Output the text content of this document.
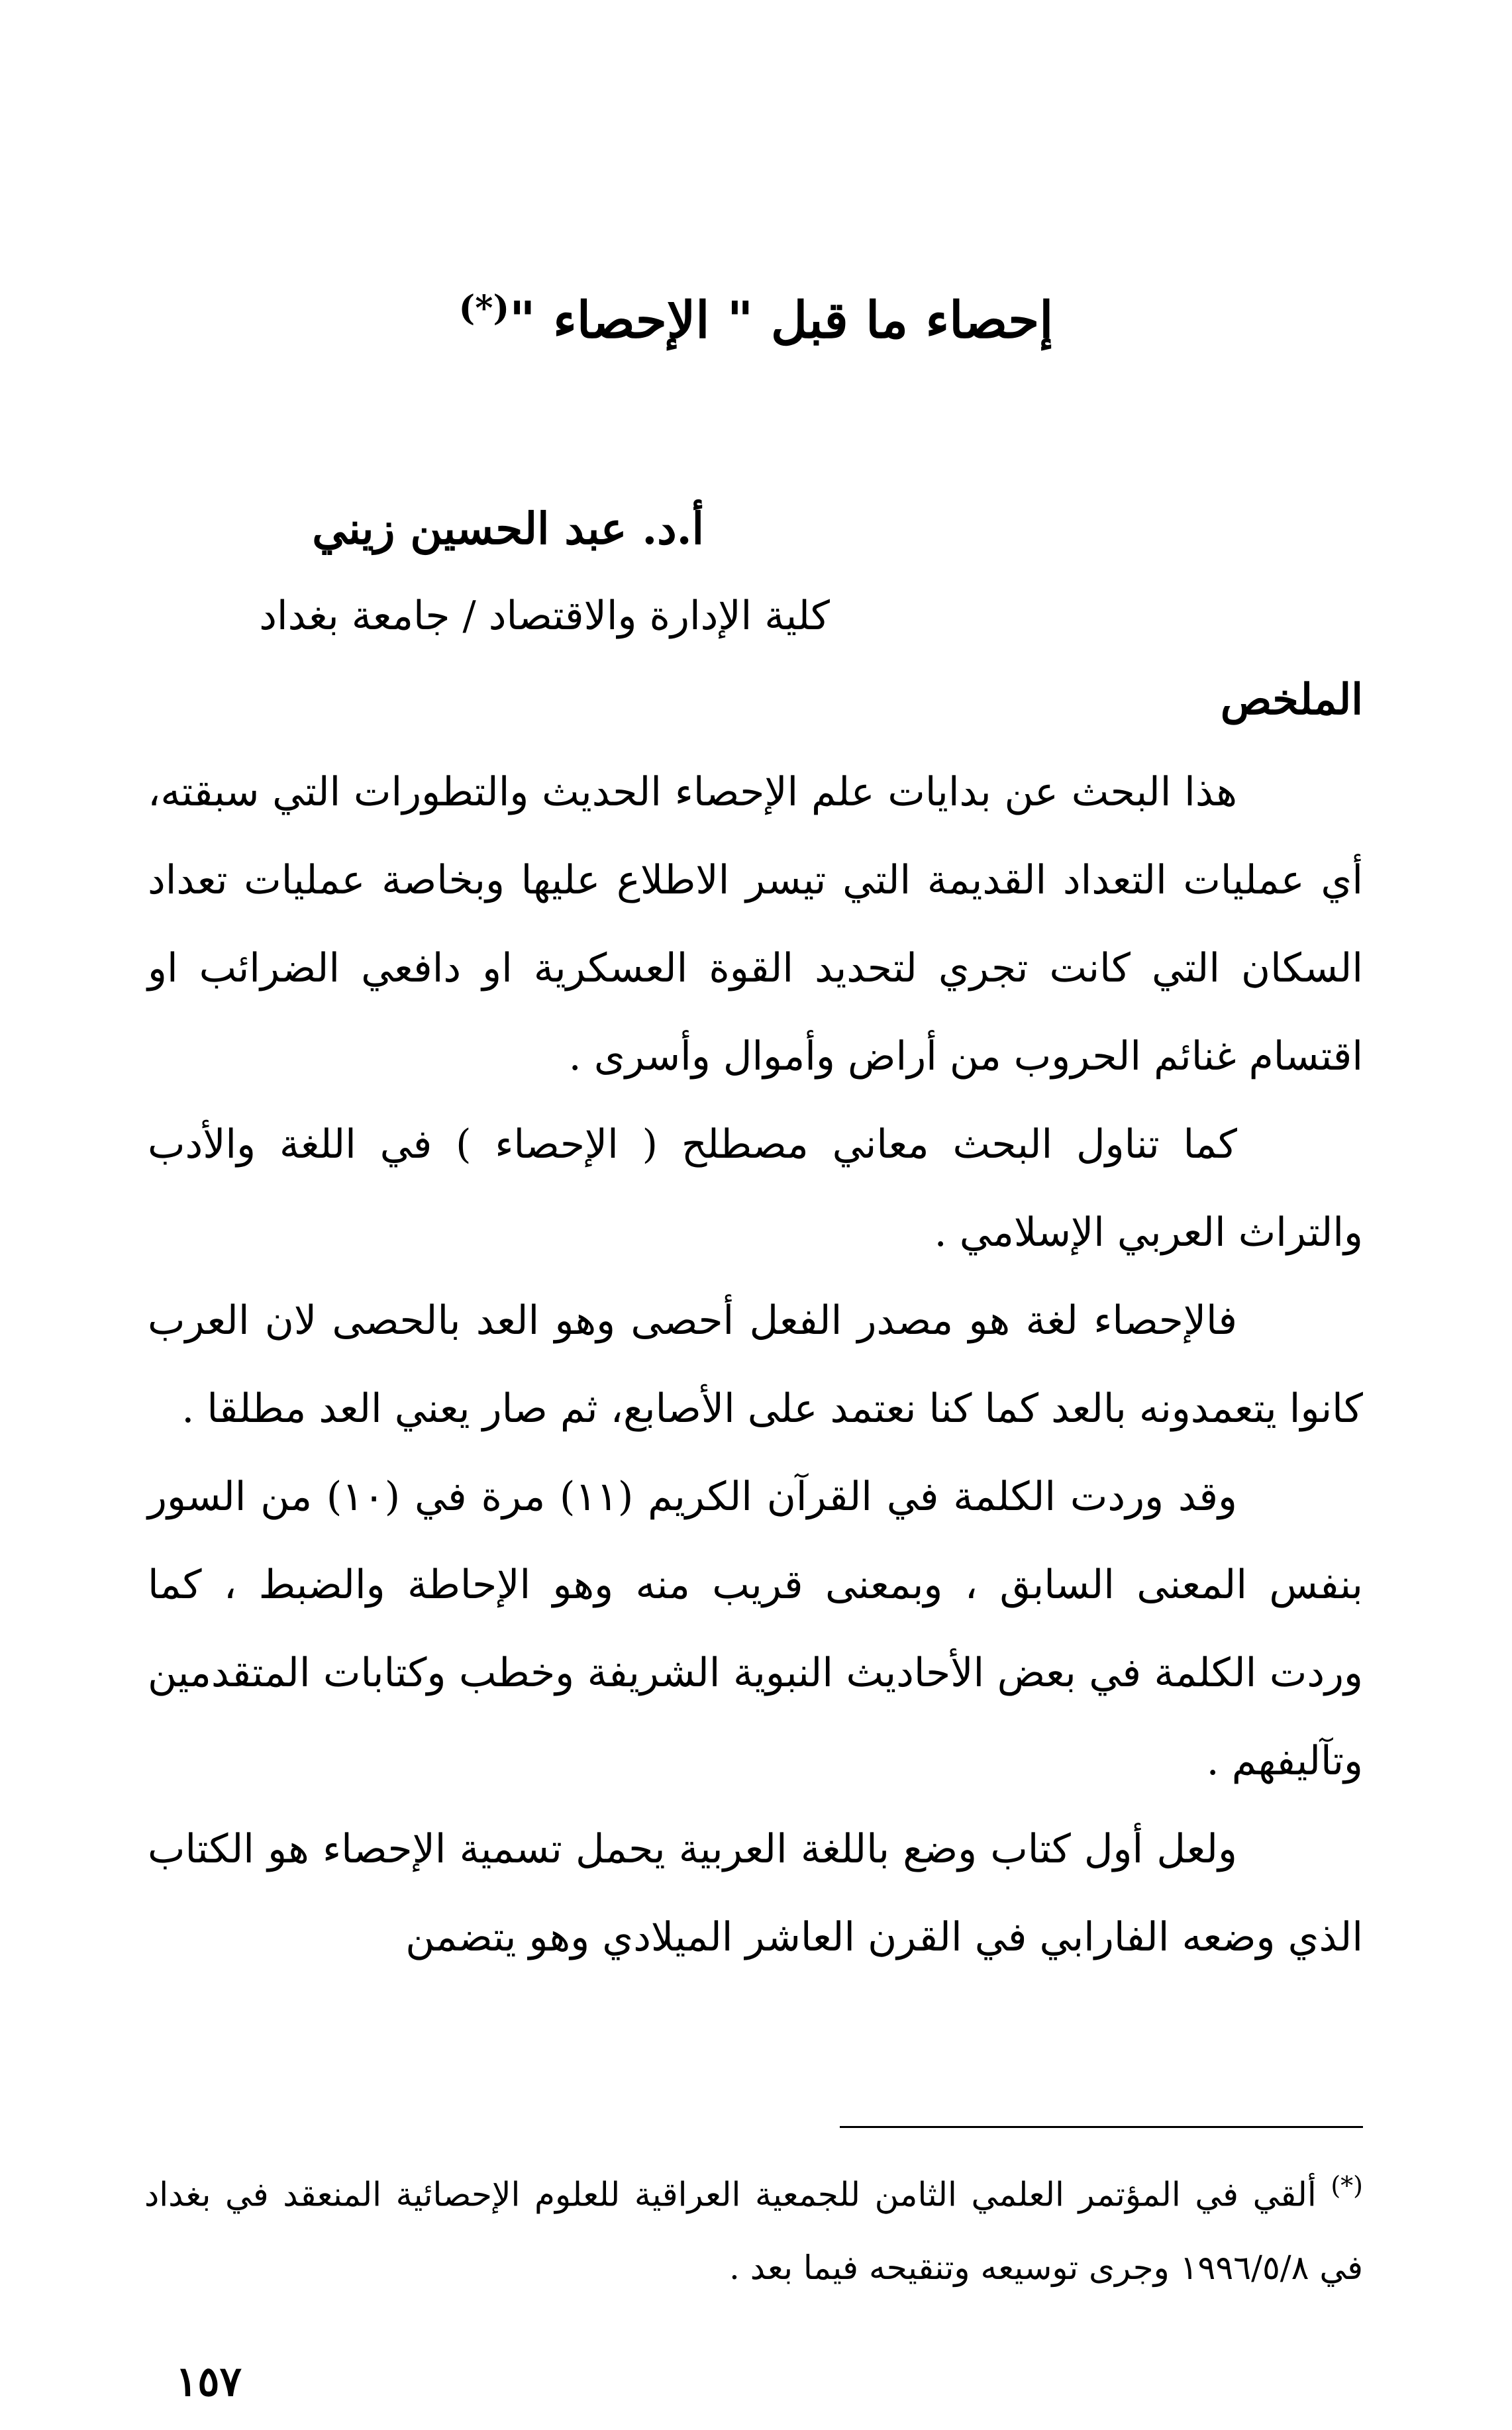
إحصاء ما قبل " الإحصاء "(*)
أ.د. عبد الحسين زيني
كلية الإدارة والاقتصاد / جامعة بغداد
الملخص

هذا البحث عن بدايات علم الإحصاء الحديث والتطورات التي سبقته، أي عمليات التعداد القديمة التي تيسر الاطلاع عليها وبخاصة عمليات تعداد السكان التي كانت تجري لتحديد القوة العسكرية او دافعي الضرائب او اقتسام غنائم الحروب من أراض وأموال وأسرى .

كما تناول البحث معاني مصطلح ( الإحصاء ) في اللغة والأدب والتراث العربي الإسلامي .

فالإحصاء لغة هو مصدر الفعل أحصى وهو العد بالحصى لان العرب كانوا يتعمدونه بالعد كما كنا نعتمد على الأصابع، ثم صار يعني العد مطلقا .

وقد وردت الكلمة في القرآن الكريم (١١) مرة في (١٠) من السور بنفس المعنى السابق ، وبمعنى قريب منه وهو الإحاطة والضبط ، كما وردت الكلمة في بعض الأحاديث النبوية الشريفة وخطب وكتابات المتقدمين وتآليفهم .

ولعل أول كتاب وضع باللغة العربية يحمل تسمية الإحصاء هو الكتاب الذي وضعه الفارابي في القرن العاشر الميلادي وهو يتضمن

(*) ألقي في المؤتمر العلمي الثامن للجمعية العراقية للعلوم الإحصائية المنعقد في بغداد في ١٩٩٦/٥/٨ وجرى توسيعه وتنقيحه فيما بعد .

١٥٧
